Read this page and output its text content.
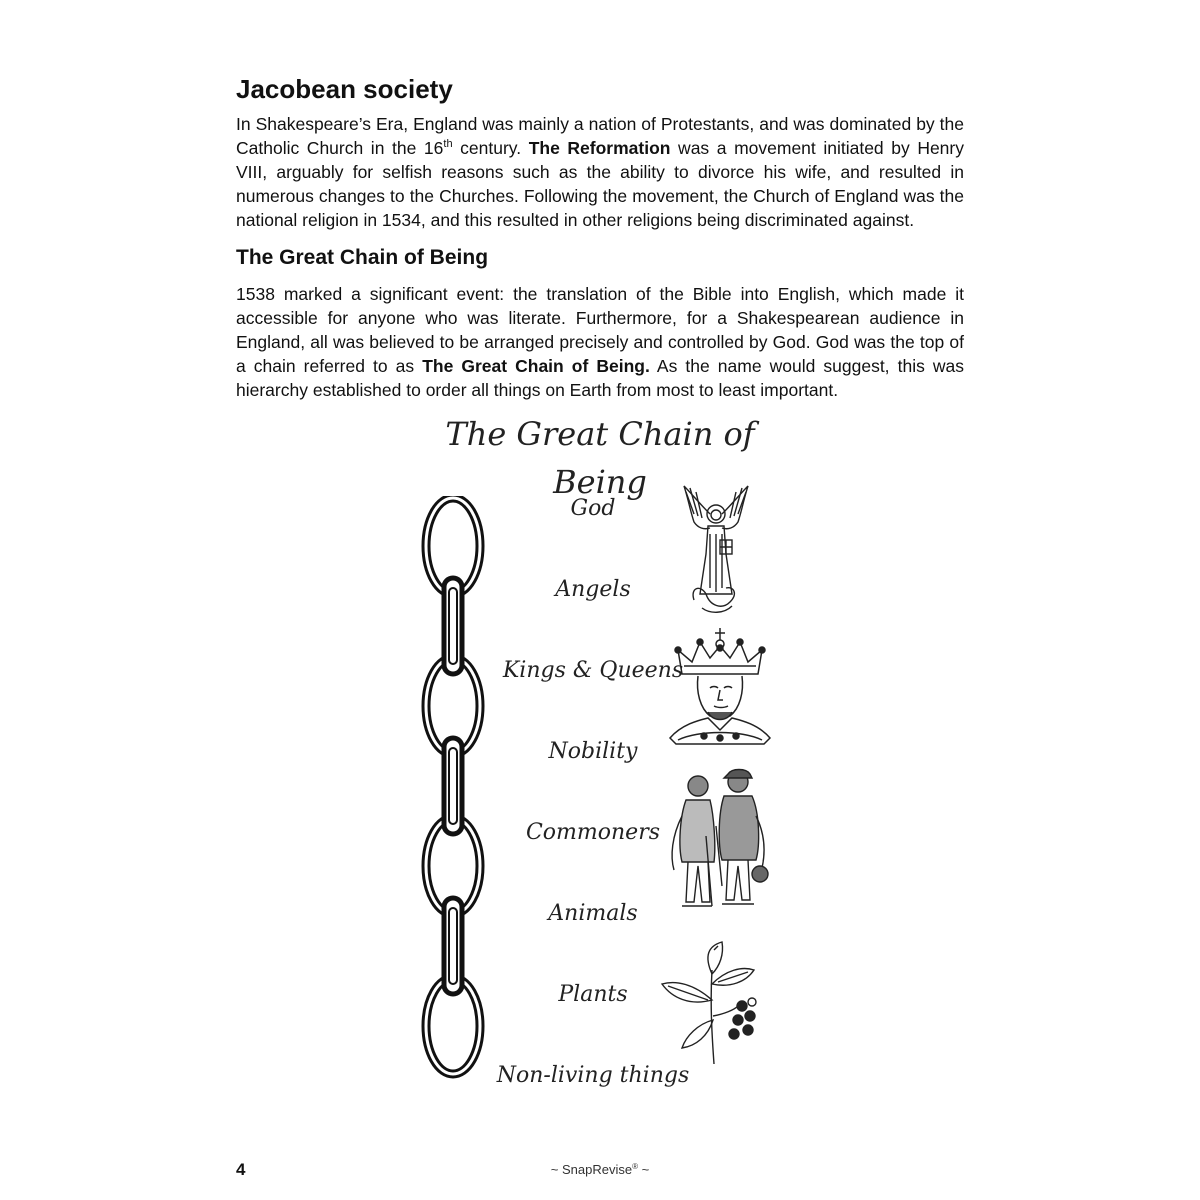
Jacobean society

In Shakespeare’s Era, England was mainly a nation of Protestants, and was dominated by the Catholic Church in the 16th century. The Reformation was a movement initiated by Henry VIII, arguably for selfish reasons such as the ability to divorce his wife, and resulted in numerous changes to the Churches. Following the movement, the Church of England was the national religion in 1534, and this resulted in other religions being discriminated against.

The Great Chain of Being

1538 marked a significant event: the translation of the Bible into English, which made it accessible for anyone who was literate. Furthermore, for a Shakespearean audience in England, all was believed to be arranged precisely and controlled by God. God was the top of a chain referred to as The Great Chain of Being. As the name would suggest, this was hierarchy established to order all things on Earth from most to least important.

The Great Chain of Being
God
Angels
Kings & Queens
Nobility
Commoners
Animals
Plants
Non-living things
4	~ SnapRevise® ~
